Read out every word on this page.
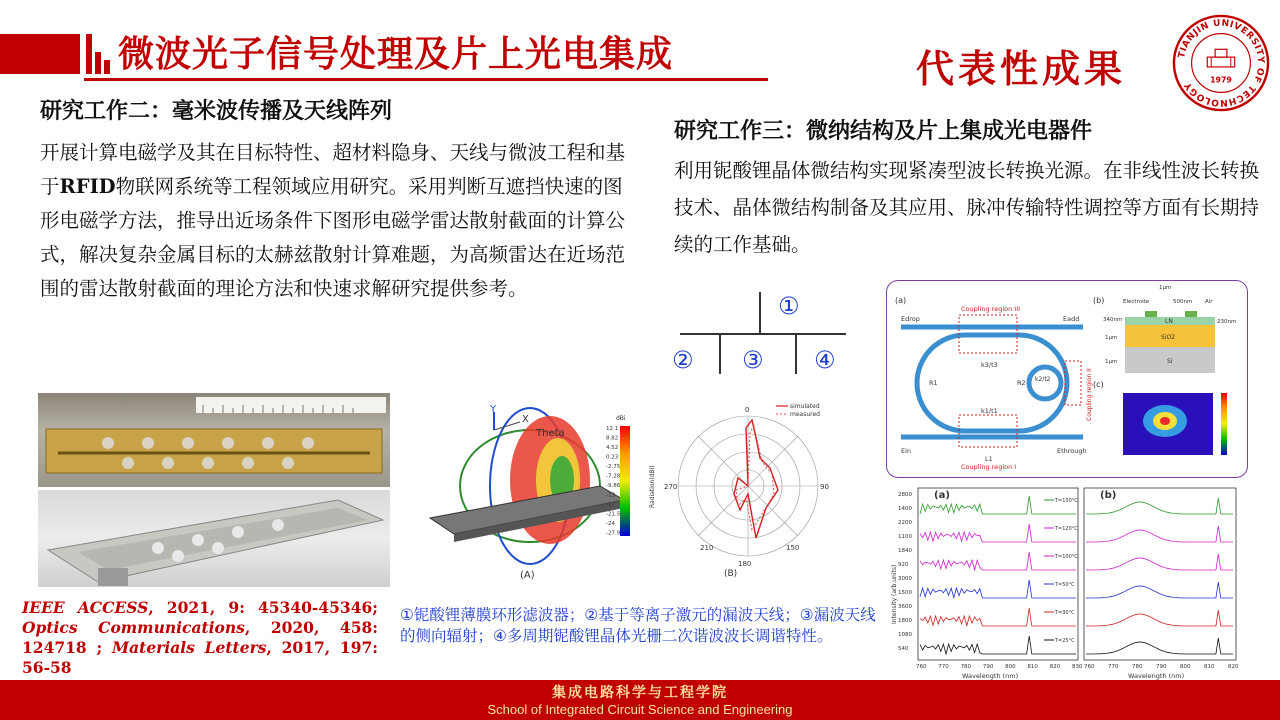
微波光子信号处理及片上光电集成	代表性成果	TIANJIN UNIVERSITY OF TECHNOLOGY	1979
研究工作二：毫米波传播及天线阵列
开展计算电磁学及其在目标特性、超材料隐身、天线与微波工程和基于RFID物联网系统等工程领域应用研究。采用判断互遮挡快速的图形电磁学方法，推导出近场条件下图形电磁学雷达散射截面的计算公式，解决复杂金属目标的太赫兹散射计算难题，为高频雷达在近场范围的雷达散射截面的理论方法和快速求解研究提供参考。
IEEE ACCESS, 2021, 9: 45340-45346; Optics Communications, 2020, 458: 124718 ; Materials Letters, 2017, 197: 56-58
Y
X
Theta
(A)
dBi
12.1
8.82
4.52
0.23
-2.75
-7.28
-9.86
-13
-17
-21.5
-24
-27.9
0
180
270	90
210	150
Radiation(dBi)
simulated
measured
(B)
①铌酸锂薄膜环形滤波器；②基于等离子激元的漏波天线；③漏波天线的侧向辐射；④多周期铌酸锂晶体光栅二次谐波波长调谐特性。
研究工作三：微纳结构及片上集成光电器件
利用铌酸锂晶体微结构实现紧凑型波长转换光源。在非线性波长转换技术、晶体微结构制备及其应用、脉冲传输特性调控等方面有长期持续的工作基础。
①
② ③ ④
(a)	(b)
(c)
Coupling region III
Coupling region I
Coupling region II
Edrop	Eadd
Ein	Ethrough
R1	R2
k3/t3
k2/t2
k1/t1
L1
LN
SiO2
Si
1μm
500nm
Electrode	Air
340nm	230nm
1μm
1μm
(a)	(b)
Intensity (arb.units)
Wavelength (nm)	Wavelength (nm)
T=150°C
T=120°C
T=100°C
T=50°C
T=30°C
T=25°C
2800
1400
2200
1100
1840
920
3000
1500
3600
1800
1080
540
760 770 780 790 800 810 820 830 760 770 780 790 800 810 820
集成电路科学与工程学院
School of Integrated Circuit Science and Engineering
